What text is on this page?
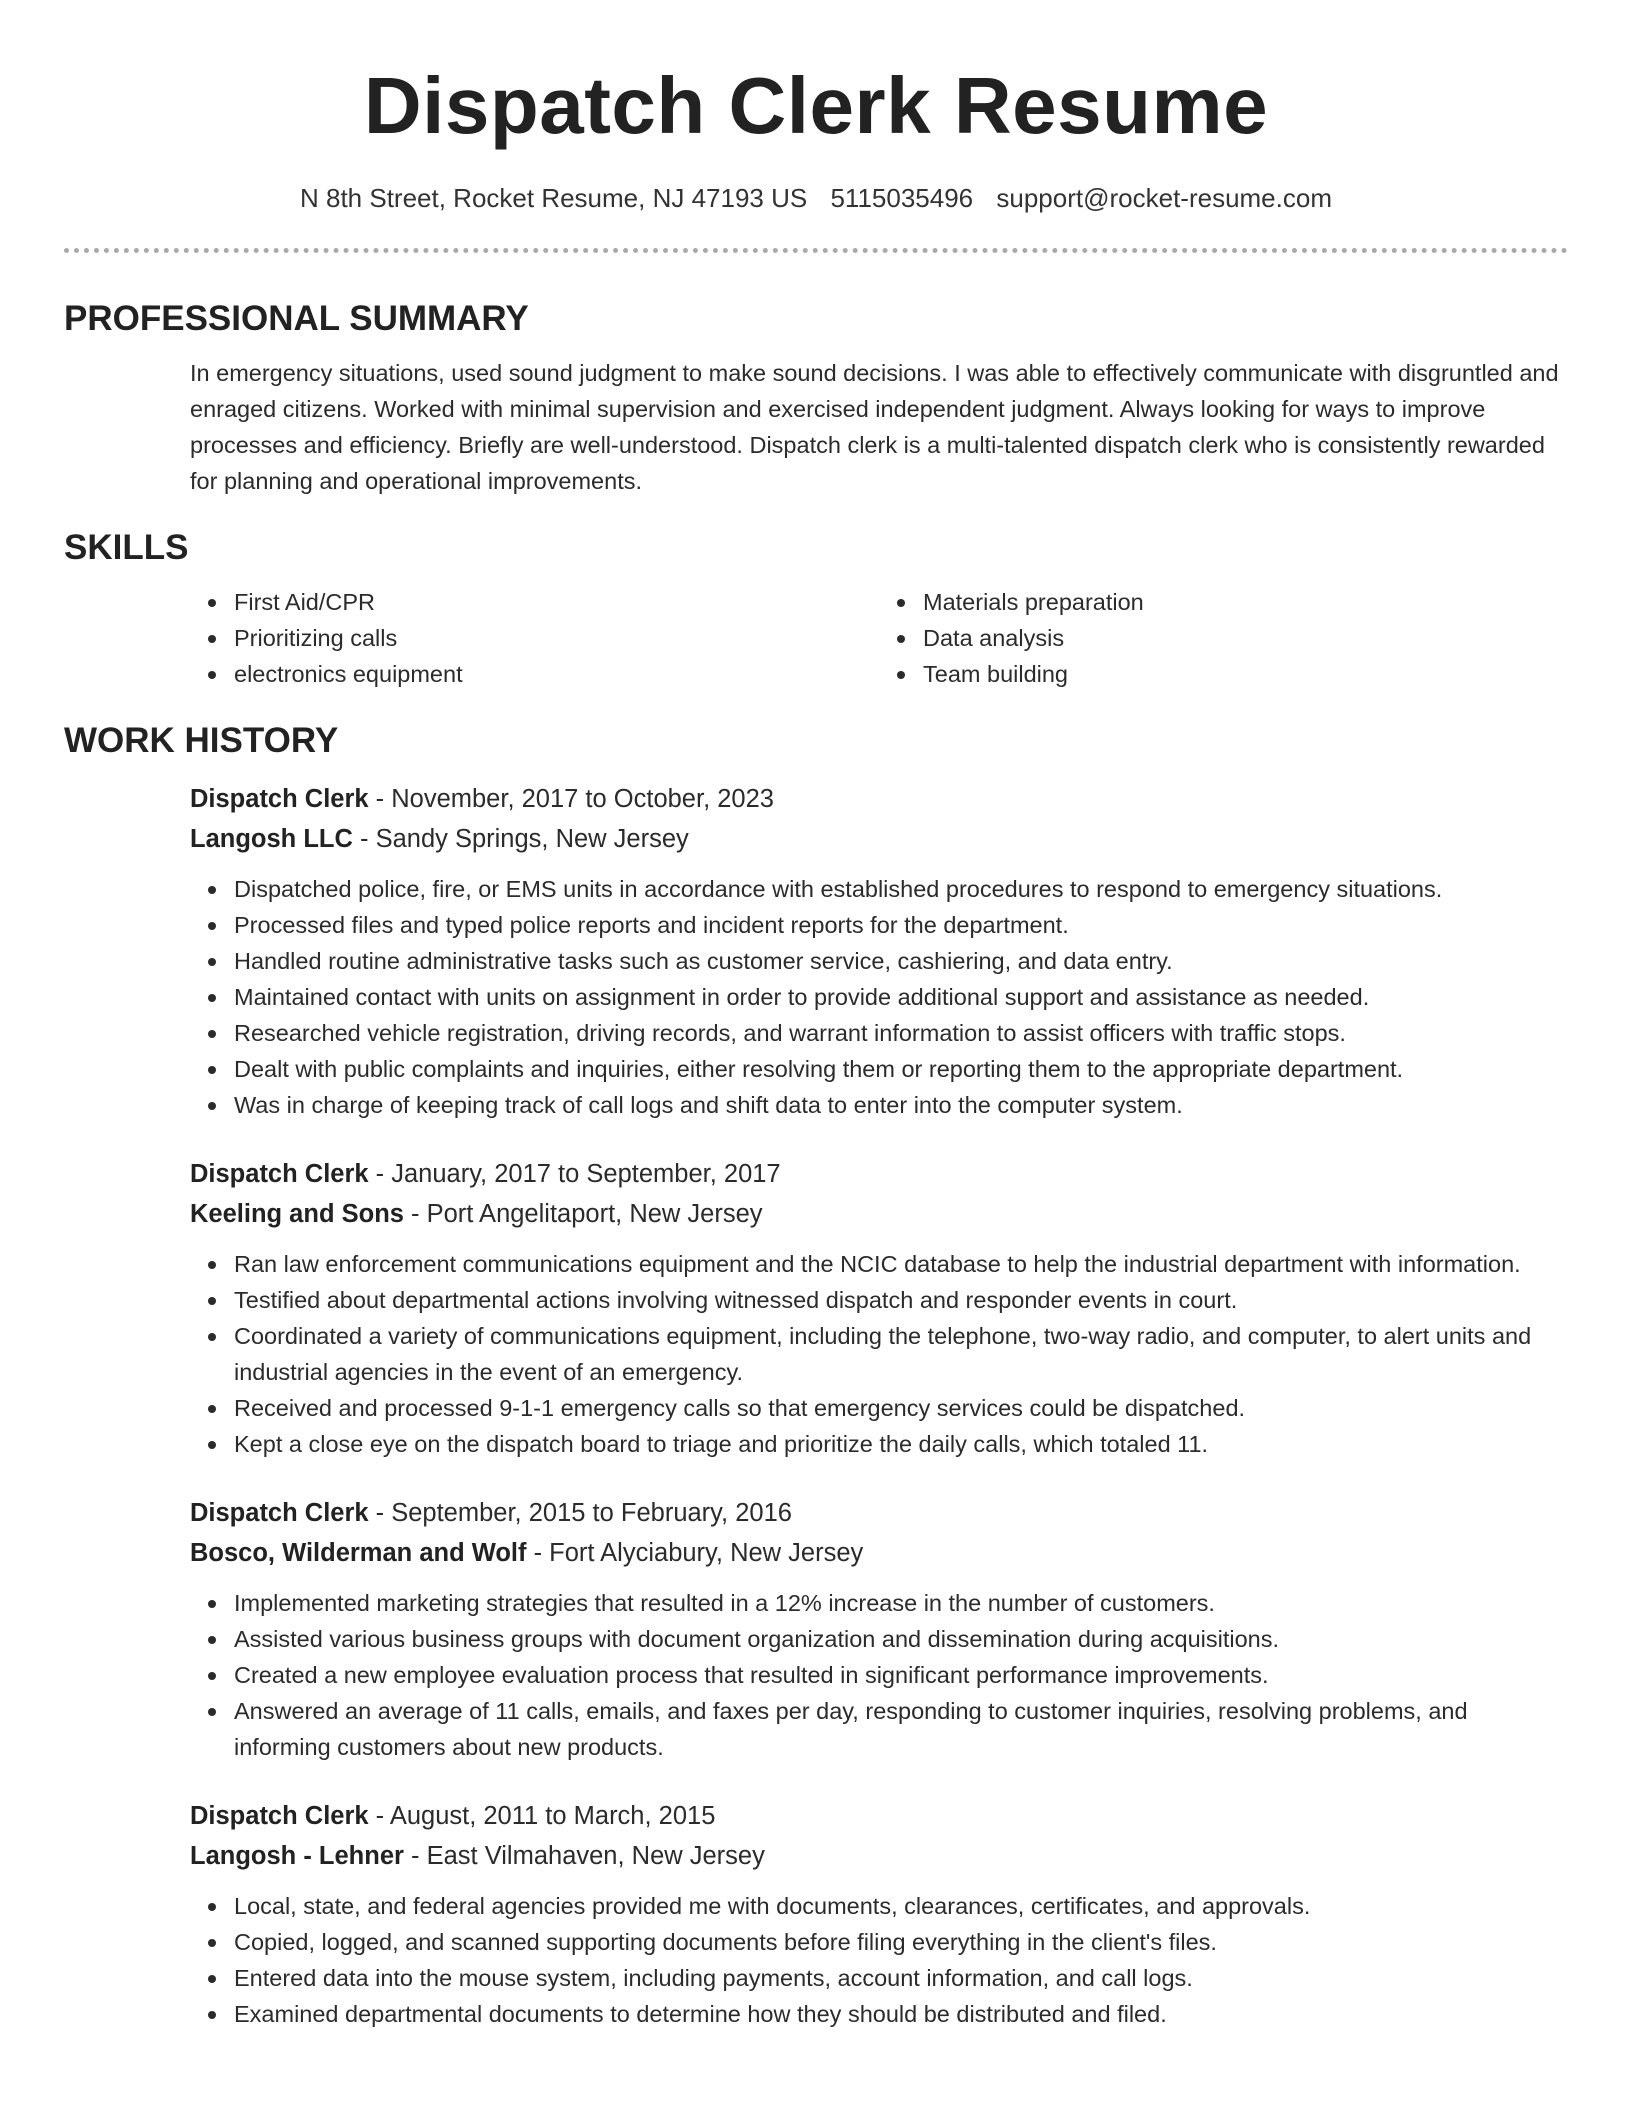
Dispatch Clerk Resume
N 8th Street, Rocket Resume, NJ 47193 US 5115035496 support@rocket-resume.com
PROFESSIONAL SUMMARY

In emergency situations, used sound judgment to make sound decisions. I was able to effectively communicate with disgruntled and enraged citizens. Worked with minimal supervision and exercised independent judgment. Always looking for ways to improve processes and efficiency. Briefly are well-understood. Dispatch clerk is a multi-talented dispatch clerk who is consistently rewarded for planning and operational improvements.

SKILLS
First Aid/CPR
Prioritizing calls
electronics equipment
Materials preparation
Data analysis
Team building
WORK HISTORY
Dispatch Clerk - November, 2017 to October, 2023
Langosh LLC - Sandy Springs, New Jersey
Dispatched police, fire, or EMS units in accordance with established procedures to respond to emergency situations.
Processed files and typed police reports and incident reports for the department.
Handled routine administrative tasks such as customer service, cashiering, and data entry.
Maintained contact with units on assignment in order to provide additional support and assistance as needed.
Researched vehicle registration, driving records, and warrant information to assist officers with traffic stops.
Dealt with public complaints and inquiries, either resolving them or reporting them to the appropriate department.
Was in charge of keeping track of call logs and shift data to enter into the computer system.
Dispatch Clerk - January, 2017 to September, 2017
Keeling and Sons - Port Angelitaport, New Jersey
Ran law enforcement communications equipment and the NCIC database to help the industrial department with information.
Testified about departmental actions involving witnessed dispatch and responder events in court.
Coordinated a variety of communications equipment, including the telephone, two-way radio, and computer, to alert units and industrial agencies in the event of an emergency.
Received and processed 9-1-1 emergency calls so that emergency services could be dispatched.
Kept a close eye on the dispatch board to triage and prioritize the daily calls, which totaled 11.
Dispatch Clerk - September, 2015 to February, 2016
Bosco, Wilderman and Wolf - Fort Alyciabury, New Jersey
Implemented marketing strategies that resulted in a 12% increase in the number of customers.
Assisted various business groups with document organization and dissemination during acquisitions.
Created a new employee evaluation process that resulted in significant performance improvements.
Answered an average of 11 calls, emails, and faxes per day, responding to customer inquiries, resolving problems, and informing customers about new products.
Dispatch Clerk - August, 2011 to March, 2015
Langosh - Lehner - East Vilmahaven, New Jersey
Local, state, and federal agencies provided me with documents, clearances, certificates, and approvals.
Copied, logged, and scanned supporting documents before filing everything in the client's files.
Entered data into the mouse system, including payments, account information, and call logs.
Examined departmental documents to determine how they should be distributed and filed.
